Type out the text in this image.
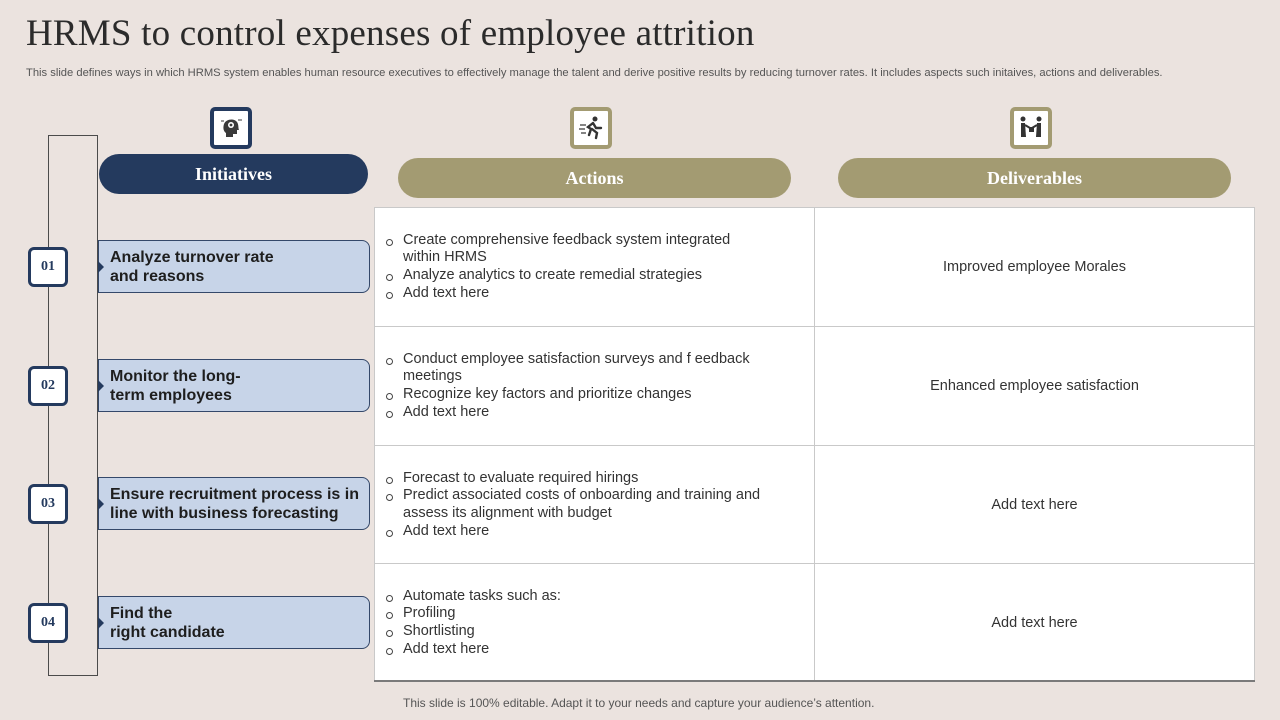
HRMS to control expenses of employee attrition
This slide defines ways in which HRMS system enables human resource executives to effectively manage the talent and derive positive results by reducing turnover rates. It includes aspects such initaives, actions and deliverables.
Initiatives	Actions	Deliverables
01
02
03
04
Analyze turnover rate
and reasons
Monitor the long-
term employees
Ensure recruitment process is in line with business forecasting
Find the
right candidate
Create comprehensive feedback system integrated within HRMS
Analyze analytics to create remedial strategies
Add text here
Improved employee Morales
Conduct employee satisfaction surveys and f eedback meetings
Recognize key factors and prioritize changes
Add text here
Enhanced employee satisfaction
Forecast to evaluate required hirings
Predict associated costs of onboarding and training and assess its alignment with budget
Add text here
Add text here
Automate tasks such as:
Profiling
Shortlisting
Add text here
Add text here
This slide is 100% editable. Adapt it to your needs and capture your audience’s attention.
